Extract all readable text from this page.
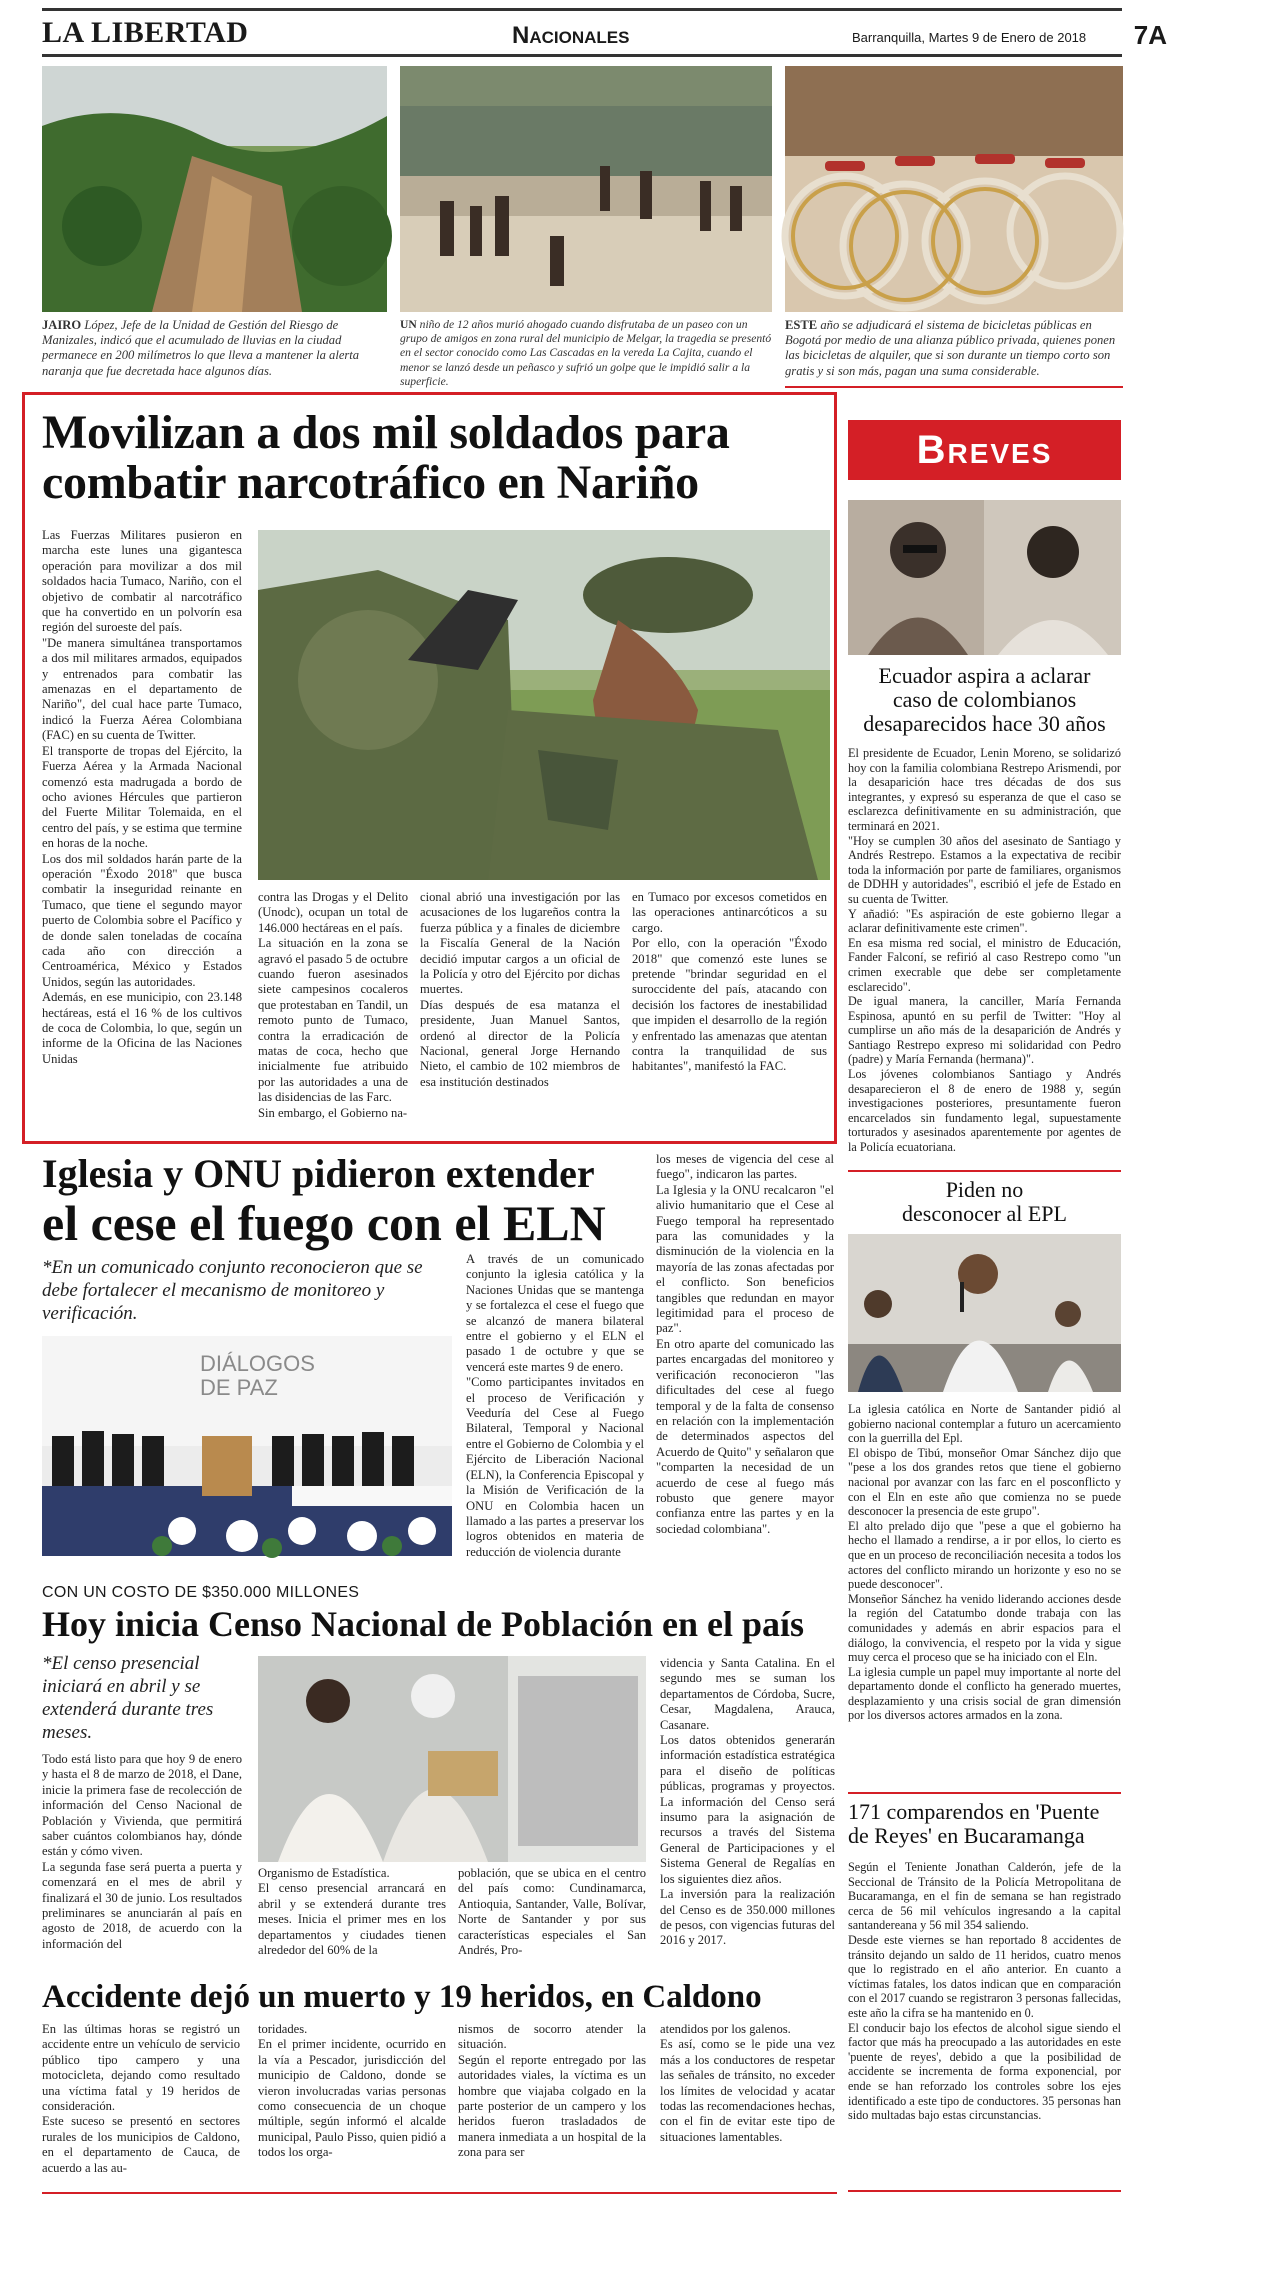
LA LIBERTAD	Nacionales	Barranquilla, Martes 9 de Enero de 2018 7A
JAIRO López, Jefe de la Unidad de Gestión del Riesgo de Manizales, indicó que el acumulado de lluvias en la ciudad permanece en 200 milímetros lo que lleva a mantener la alerta naranja que fue decretada hace algunos días.
UN niño de 12 años murió ahogado cuando disfrutaba de un paseo con un grupo de amigos en zona rural del municipio de Melgar, la tragedia se presentó en el sector conocido como Las Cascadas en la vereda La Cajita, cuando el menor se lanzó desde un peñasco y sufrió un golpe que le impidió salir a la superficie.
ESTE año se adjudicará el sistema de bicicletas públicas en Bogotá por medio de una alianza público privada, quienes ponen las bicicletas de alquiler, que si son durante un tiempo corto son gratis y si son más, pagan una suma considerable.
Movilizan a dos mil soldados para
combatir narcotráfico en Nariño
Las Fuerzas Militares pusieron en marcha este lunes una gigantesca operación para movilizar a dos mil soldados hacia Tumaco, Nariño, con el objetivo de combatir al narcotráfico que ha convertido en un polvorín esa región del suroeste del país.
"De manera simultánea transportamos a dos mil militares armados, equipados y entrenados para combatir las amenazas en el departamento de Nariño", del cual hace parte Tumaco, indicó la Fuerza Aérea Colombiana (FAC) en su cuenta de Twitter.
El transporte de tropas del Ejército, la Fuerza Aérea y la Armada Nacional comenzó esta madrugada a bordo de ocho aviones Hércules que partieron del Fuerte Militar Tolemaida, en el centro del país, y se estima que termine en horas de la noche.
Los dos mil soldados harán parte de la operación "Éxodo 2018" que busca combatir la inseguridad reinante en Tumaco, que tiene el segundo mayor puerto de Colombia sobre el Pacífico y de donde salen toneladas de cocaína cada año con dirección a Centroamérica, México y Estados Unidos, según las autoridades.
Además, en ese municipio, con 23.148 hectáreas, está el 16 % de los cultivos de coca de Colombia, lo que, según un informe de la Oficina de las Naciones Unidas
contra las Drogas y el Delito (Unodc), ocupan un total de 146.000 hectáreas en el país.
La situación en la zona se agravó el pasado 5 de octubre cuando fueron asesinados siete campesinos cocaleros que protestaban en Tandil, un remoto punto de Tumaco, contra la erradicación de matas de coca, hecho que inicialmente fue atribuido por las autoridades a una de las disidencias de las Farc.
Sin embargo, el Gobierno na-
cional abrió una investigación por las acusaciones de los lugareños contra la fuerza pública y a finales de diciembre la Fiscalía General de la Nación decidió imputar cargos a un oficial de la Policía y otro del Ejército por dichas muertes.
Días después de esa matanza el presidente, Juan Manuel Santos, ordenó al director de la Policía Nacional, general Jorge Hernando Nieto, el cambio de 102 miembros de esa institución destinados
en Tumaco por excesos cometidos en las operaciones antinarcóticos a su cargo.
Por ello, con la operación "Éxodo 2018" que comenzó este lunes se pretende "brindar seguridad en el suroccidente del país, atacando con decisión los factores de inestabilidad que impiden el desarrollo de la región y enfrentado las amenazas que atentan contra la tranquilidad de sus habitantes", manifestó la FAC.
Breves
Ecuador aspira a aclarar
caso de colombianos
desaparecidos hace 30 años
El presidente de Ecuador, Lenin Moreno, se solidarizó hoy con la familia colombiana Restrepo Arismendi, por la desaparición hace tres décadas de dos sus integrantes, y expresó su esperanza de que el caso se esclarezca definitivamente en su administración, que terminará en 2021.
"Hoy se cumplen 30 años del asesinato de Santiago y Andrés Restrepo. Estamos a la expectativa de recibir toda la información por parte de familiares, organismos de DDHH y autoridades", escribió el jefe de Estado en su cuenta de Twitter.
Y añadió: "Es aspiración de este gobierno llegar a aclarar definitivamente este crimen".
En esa misma red social, el ministro de Educación, Fander Falconí, se refirió al caso Restrepo como "un crimen execrable que debe ser completamente esclarecido".
De igual manera, la canciller, María Fernanda Espinosa, apuntó en su perfil de Twitter: "Hoy al cumplirse un año más de la desaparición de Andrés y Santiago Restrepo expreso mi solidaridad con Pedro (padre) y María Fernanda (hermana)".
Los jóvenes colombianos Santiago y Andrés desaparecieron el 8 de enero de 1988 y, según investigaciones posteriores, presuntamente fueron encarcelados sin fundamento legal, supuestamente torturados y asesinados aparentemente por agentes de la Policía ecuatoriana.
Piden no
desconocer al EPL
La iglesia católica en Norte de Santander pidió al gobierno nacional contemplar a futuro un acercamiento con la guerrilla del Epl.
El obispo de Tibú, monseñor Omar Sánchez dijo que "pese a los dos grandes retos que tiene el gobierno nacional por avanzar con las farc en el posconflicto y con el Eln en este año que comienza no se puede desconocer la presencia de este grupo".
El alto prelado dijo que "pese a que el gobierno ha hecho el llamado a rendirse, a ir por ellos, lo cierto es que en un proceso de reconciliación necesita a todos los actores del conflicto mirando un horizonte y eso no se puede desconocer".
Monseñor Sánchez ha venido liderando acciones desde la región del Catatumbo donde trabaja con las comunidades y además en abrir espacios para el diálogo, la convivencia, el respeto por la vida y sigue muy cerca el proceso que se ha iniciado con el Eln.
La iglesia cumple un papel muy importante al norte del departamento donde el conflicto ha generado muertes, desplazamiento y una crisis social de gran dimensión por los diversos actores armados en la zona.
171 comparendos en 'Puente
de Reyes' en Bucaramanga
Según el Teniente Jonathan Calderón, jefe de la Seccional de Tránsito de la Policía Metropolitana de Bucaramanga, en el fin de semana se han registrado cerca de 56 mil vehículos ingresando a la capital santandereana y 56 mil 354 saliendo.
Desde este viernes se han reportado 8 accidentes de tránsito dejando un saldo de 11 heridos, cuatro menos que lo registrado en el año anterior. En cuanto a víctimas fatales, los datos indican que en comparación con el 2017 cuando se registraron 3 personas fallecidas, este año la cifra se ha mantenido en 0.
El conducir bajo los efectos de alcohol sigue siendo el factor que más ha preocupado a las autoridades en este 'puente de reyes', debido a que la posibilidad de accidente se incrementa de forma exponencial, por ende se han reforzado los controles sobre los ejes identificado a este tipo de conductores. 35 personas han sido multadas bajo estas circunstancias.
Iglesia y ONU pidieron extender
el cese el fuego con el ELN
*En un comunicado conjunto reconocieron que se debe fortalecer el mecanismo de monitoreo y verificación.
DIÁLOGOS
DE PAZ
A través de un comunicado conjunto la iglesia católica y la Naciones Unidas que se mantenga y se fortalezca el cese el fuego que se alcanzó de manera bilateral entre el gobierno y el ELN el pasado 1 de octubre y que se vencerá este martes 9 de enero.
"Como participantes invitados en el proceso de Verificación y Veeduría del Cese al Fuego Bilateral, Temporal y Nacional entre el Gobierno de Colombia y el Ejército de Liberación Nacional (ELN), la Conferencia Episcopal y la Misión de Verificación de la ONU en Colombia hacen un llamado a las partes a preservar los logros obtenidos en materia de reducción de violencia durante
los meses de vigencia del cese al fuego", indicaron las partes.
La Iglesia y la ONU recalcaron "el alivio humanitario que el Cese al Fuego temporal ha representado para las comunidades y la disminución de la violencia en la mayoría de las zonas afectadas por el conflicto. Son beneficios tangibles que redundan en mayor legitimidad para el proceso de paz".
En otro aparte del comunicado las partes encargadas del monitoreo y verificación reconocieron "las dificultades del cese al fuego temporal y de la falta de consenso en relación con la implementación de determinados aspectos del Acuerdo de Quito" y señalaron que "comparten la necesidad de un acuerdo de cese al fuego más robusto que genere mayor confianza entre las partes y en la sociedad colombiana".
CON UN COSTO DE $350.000 MILLONES
Hoy inicia Censo Nacional de Población en el país
*El censo presencial iniciará en abril y se extenderá durante tres meses.
Todo está listo para que hoy 9 de enero y hasta el 8 de marzo de 2018, el Dane, inicie la primera fase de recolección de información del Censo Nacional de Población y Vivienda, que permitirá saber cuántos colombianos hay, dónde están y cómo viven.
La segunda fase será puerta a puerta y comenzará en el mes de abril y finalizará el 30 de junio. Los resultados preliminares se anunciarán al país en agosto de 2018, de acuerdo con la información del
Organismo de Estadística.
El censo presencial arrancará en abril y se extenderá durante tres meses. Inicia el primer mes en los departamentos y ciudades tienen alrededor del 60% de la
población, que se ubica en el centro del país como: Cundinamarca, Antioquia, Santander, Valle, Bolívar, Norte de Santander y por sus características especiales el San Andrés, Pro-
videncia y Santa Catalina. En el segundo mes se suman los departamentos de Córdoba, Sucre, Cesar, Magdalena, Arauca, Casanare.
Los datos obtenidos generarán información estadística estratégica para el diseño de políticas públicas, programas y proyectos. La información del Censo será insumo para la asignación de recursos a través del Sistema General de Participaciones y el Sistema General de Regalías en los siguientes diez años.
La inversión para la realización del Censo es de 350.000 millones de pesos, con vigencias futuras del 2016 y 2017.
Accidente dejó un muerto y 19 heridos, en Caldono
En las últimas horas se registró un accidente entre un vehículo de servicio público tipo campero y una motocicleta, dejando como resultado una víctima fatal y 19 heridos de consideración.
Este suceso se presentó en sectores rurales de los municipios de Caldono, en el departamento de Cauca, de acuerdo a las au-
toridades.
En el primer incidente, ocurrido en la vía a Pescador, jurisdicción del municipio de Caldono, donde se vieron involucradas varias personas como consecuencia de un choque múltiple, según informó el alcalde municipal, Paulo Pisso, quien pidió a todos los orga-
nismos de socorro atender la situación.
Según el reporte entregado por las autoridades viales, la víctima es un hombre que viajaba colgado en la parte posterior de un campero y los heridos fueron trasladados de manera inmediata a un hospital de la zona para ser
atendidos por los galenos.
Es así, como se le pide una vez más a los conductores de respetar las señales de tránsito, no exceder los límites de velocidad y acatar todas las recomendaciones hechas, con el fin de evitar este tipo de situaciones lamentables.
